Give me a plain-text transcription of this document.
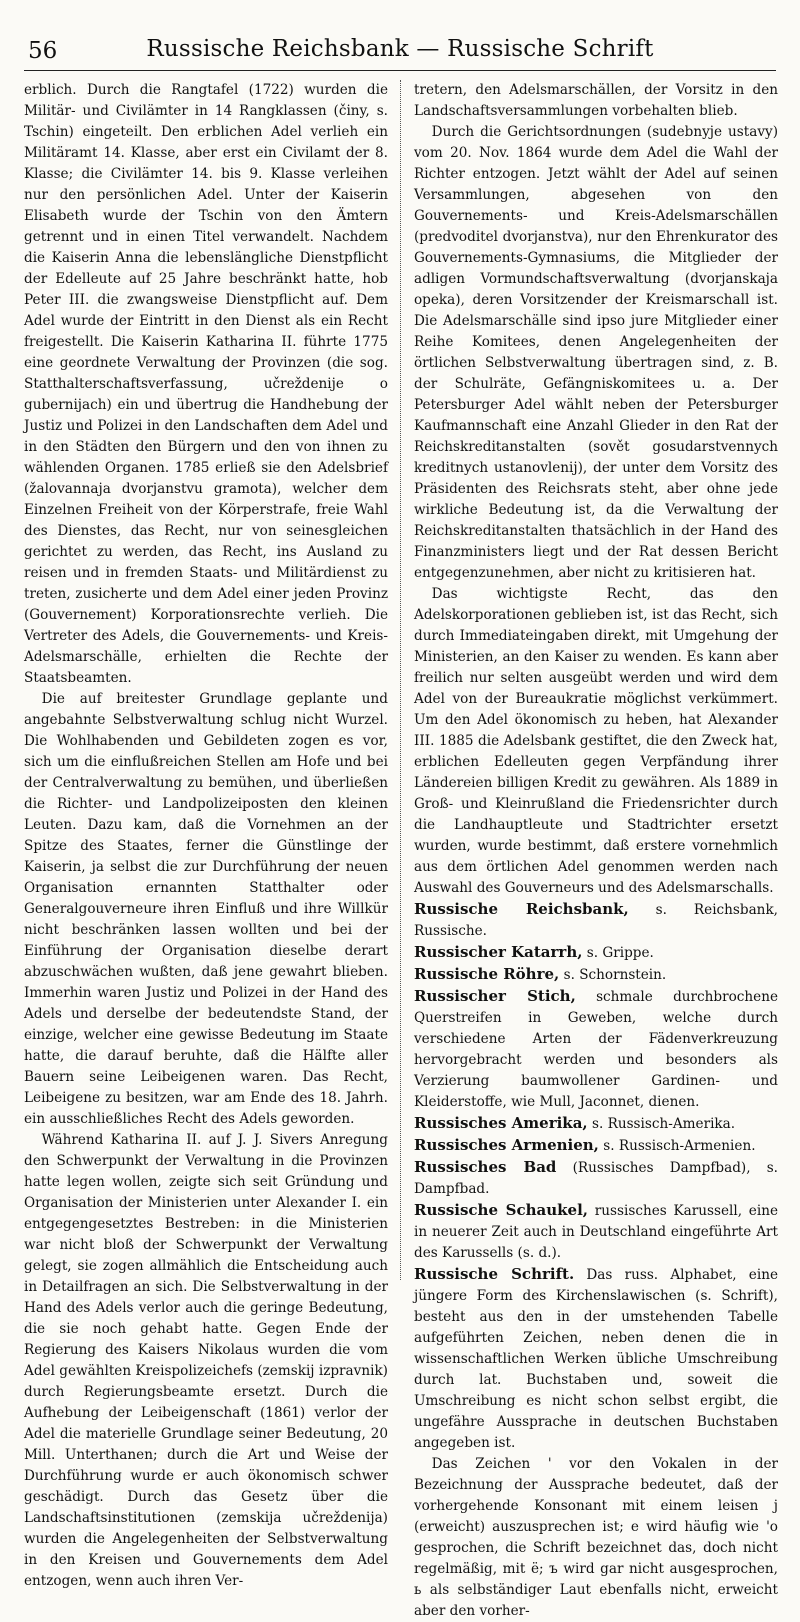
56	Russische Reichsbank — Russische Schrift

erblich. Durch die Rangtafel (1722) wurden die Militär- und Civilämter in 14 Rangklassen (činy, s. Tschin) eingeteilt. Den erblichen Adel verlieh ein Militäramt 14. Klasse, aber erst ein Civilamt der 8. Klasse; die Civilämter 14. bis 9. Klasse verleihen nur den persönlichen Adel. Unter der Kaiserin Elisabeth wurde der Tschin von den Ämtern getrennt und in einen Titel verwandelt. Nachdem die Kaiserin Anna die lebenslängliche Dienstpflicht der Edelleute auf 25 Jahre beschränkt hatte, hob Peter III. die zwangsweise Dienstpflicht auf. Dem Adel wurde der Eintritt in den Dienst als ein Recht freigestellt. Die Kaiserin Katharina II. führte 1775 eine geordnete Verwaltung der Provinzen (die sog. Statthalterschaftsverfassung, učreždenije o gubernijach) ein und übertrug die Handhebung der Justiz und Polizei in den Landschaften dem Adel und in den Städten den Bürgern und den von ihnen zu wählenden Organen. 1785 erließ sie den Adelsbrief (žalovannaja dvorjanstvu gramota), welcher dem Einzelnen Freiheit von der Körperstrafe, freie Wahl des Dienstes, das Recht, nur von seinesgleichen gerichtet zu werden, das Recht, ins Ausland zu reisen und in fremden Staats- und Militärdienst zu treten, zusicherte und dem Adel einer jeden Provinz (Gouvernement) Korporationsrechte verlieh. Die Vertreter des Adels, die Gouvernements- und Kreis-Adelsmarschälle, erhielten die Rechte der Staatsbeamten.

Die auf breitester Grundlage geplante und angebahnte Selbstverwaltung schlug nicht Wurzel. Die Wohlhabenden und Gebildeten zogen es vor, sich um die einflußreichen Stellen am Hofe und bei der Centralverwaltung zu bemühen, und überließen die Richter- und Landpolizeiposten den kleinen Leuten. Dazu kam, daß die Vornehmen an der Spitze des Staates, ferner die Günstlinge der Kaiserin, ja selbst die zur Durchführung der neuen Organisation ernannten Statthalter oder Generalgouverneure ihren Einfluß und ihre Willkür nicht beschränken lassen wollten und bei der Einführung der Organisation dieselbe derart abzuschwächen wußten, daß jene gewahrt blieben. Immerhin waren Justiz und Polizei in der Hand des Adels und derselbe der bedeutendste Stand, der einzige, welcher eine gewisse Bedeutung im Staate hatte, die darauf beruhte, daß die Hälfte aller Bauern seine Leibeigenen waren. Das Recht, Leibeigene zu besitzen, war am Ende des 18. Jahrh. ein ausschließliches Recht des Adels geworden.

Während Katharina II. auf J. J. Sivers Anregung den Schwerpunkt der Verwaltung in die Provinzen hatte legen wollen, zeigte sich seit Gründung und Organisation der Ministerien unter Alexander I. ein entgegengesetztes Bestreben: in die Ministerien war nicht bloß der Schwerpunkt der Verwaltung gelegt, sie zogen allmählich die Entscheidung auch in Detailfragen an sich. Die Selbstverwaltung in der Hand des Adels verlor auch die geringe Bedeutung, die sie noch gehabt hatte. Gegen Ende der Regierung des Kaisers Nikolaus wurden die vom Adel gewählten Kreispolizeichefs (zemskij izpravnik) durch Regierungsbeamte ersetzt. Durch die Aufhebung der Leibeigenschaft (1861) verlor der Adel die materielle Grundlage seiner Bedeutung, 20 Mill. Unterthanen; durch die Art und Weise der Durchführung wurde er auch ökonomisch schwer geschädigt. Durch das Gesetz über die Landschaftsinstitutionen (zemskija učreždenija) wurden die Angelegenheiten der Selbstverwaltung in den Kreisen und Gouvernements dem Adel entzogen, wenn auch ihren Ver-

tretern, den Adelsmarschällen, der Vorsitz in den Landschaftsversammlungen vorbehalten blieb.

Durch die Gerichtsordnungen (sudebnyje ustavy) vom 20. Nov. 1864 wurde dem Adel die Wahl der Richter entzogen. Jetzt wählt der Adel auf seinen Versammlungen, abgesehen von den Gouvernements- und Kreis-Adelsmarschällen (predvoditel dvorjanstva), nur den Ehrenkurator des Gouvernements-Gymnasiums, die Mitglieder der adligen Vormundschaftsverwaltung (dvorjanskaja opeka), deren Vorsitzender der Kreismarschall ist. Die Adelsmarschälle sind ipso jure Mitglieder einer Reihe Komitees, denen Angelegenheiten der örtlichen Selbstverwaltung übertragen sind, z. B. der Schulräte, Gefängniskomitees u. a. Der Petersburger Adel wählt neben der Petersburger Kaufmannschaft eine Anzahl Glieder in den Rat der Reichskreditanstalten (sovět gosudarstvennych kreditnych ustanovlenij), der unter dem Vorsitz des Präsidenten des Reichsrats steht, aber ohne jede wirkliche Bedeutung ist, da die Verwaltung der Reichskreditanstalten thatsächlich in der Hand des Finanzministers liegt und der Rat dessen Bericht entgegenzunehmen, aber nicht zu kritisieren hat.

Das wichtigste Recht, das den Adelskorporationen geblieben ist, ist das Recht, sich durch Immediateingaben direkt, mit Umgehung der Ministerien, an den Kaiser zu wenden. Es kann aber freilich nur selten ausgeübt werden und wird dem Adel von der Bureaukratie möglichst verkümmert. Um den Adel ökonomisch zu heben, hat Alexander III. 1885 die Adelsbank gestiftet, die den Zweck hat, erblichen Edelleuten gegen Verpfändung ihrer Ländereien billigen Kredit zu gewähren. Als 1889 in Groß- und Kleinrußland die Friedensrichter durch die Landhauptleute und Stadtrichter ersetzt wurden, wurde bestimmt, daß erstere vornehmlich aus dem örtlichen Adel genommen werden nach Auswahl des Gouverneurs und des Adelsmarschalls.

Russische Reichsbank, s. Reichsbank, Russische.

Russischer Katarrh, s. Grippe.

Russische Röhre, s. Schornstein.

Russischer Stich, schmale durchbrochene Querstreifen in Geweben, welche durch verschiedene Arten der Fädenverkreuzung hervorgebracht werden und besonders als Verzierung baumwollener Gardinen- und Kleiderstoffe, wie Mull, Jaconnet, dienen.

Russisches Amerika, s. Russisch-Amerika.

Russisches Armenien, s. Russisch-Armenien.

Russisches Bad (Russisches Dampfbad), s. Dampfbad.

Russische Schaukel, russisches Karussell, eine in neuerer Zeit auch in Deutschland eingeführte Art des Karussells (s. d.).

Russische Schrift. Das russ. Alphabet, eine jüngere Form des Kirchenslawischen (s. Schrift), besteht aus den in der umstehenden Tabelle aufgeführten Zeichen, neben denen die in wissenschaftlichen Werken übliche Umschreibung durch lat. Buchstaben und, soweit die Umschreibung es nicht schon selbst ergibt, die ungefähre Aussprache in deutschen Buchstaben angegeben ist.

Das Zeichen ' vor den Vokalen in der Bezeichnung der Aussprache bedeutet, daß der vorhergehende Konsonant mit einem leisen j (erweicht) auszusprechen ist; e wird häufig wie 'o gesprochen, die Schrift bezeichnet das, doch nicht regelmäßig, mit ë; ъ wird gar nicht ausgesprochen, ь als selbständiger Laut ebenfalls nicht, erweicht aber den vorher-
